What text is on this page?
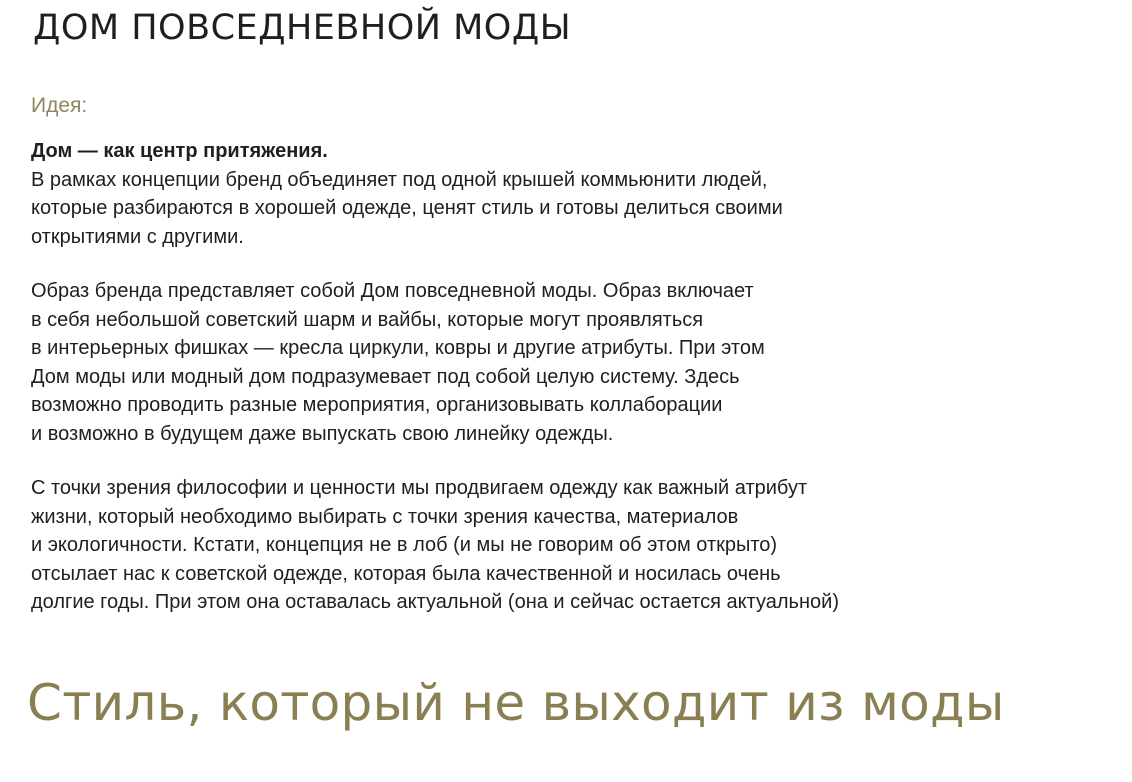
ДОМ ПОВСЕДНЕВНОЙ МОДЫ

Идея:

Дом — как центр притяжения.
В рамках концепции бренд объединяет под одной крышей коммьюнити людей,
которые разбираются в хорошей одежде, ценят стиль и готовы делиться своими
открытиями с другими.
Образ бренда представляет собой Дом повседневной моды. Образ включает
в себя небольшой советский шарм и вайбы, которые могут проявляться
в интерьерных фишках — кресла циркули, ковры и другие атрибуты. При этом
Дом моды или модный дом подразумевает под собой целую систему. Здесь
возможно проводить разные мероприятия, организовывать коллаборации
и возможно в будущем даже выпускать свою линейку одежды.
С точки зрения философии и ценности мы продвигаем одежду как важный атрибут
жизни, который необходимо выбирать с точки зрения качества, материалов
и экологичности. Кстати, концепция не в лоб (и мы не говорим об этом открыто)
отсылает нас к советской одежде, которая была качественной и носилась очень
долгие годы. При этом она оставалась актуальной (она и сейчас остается актуальной)
Стиль, который не выходит из моды
